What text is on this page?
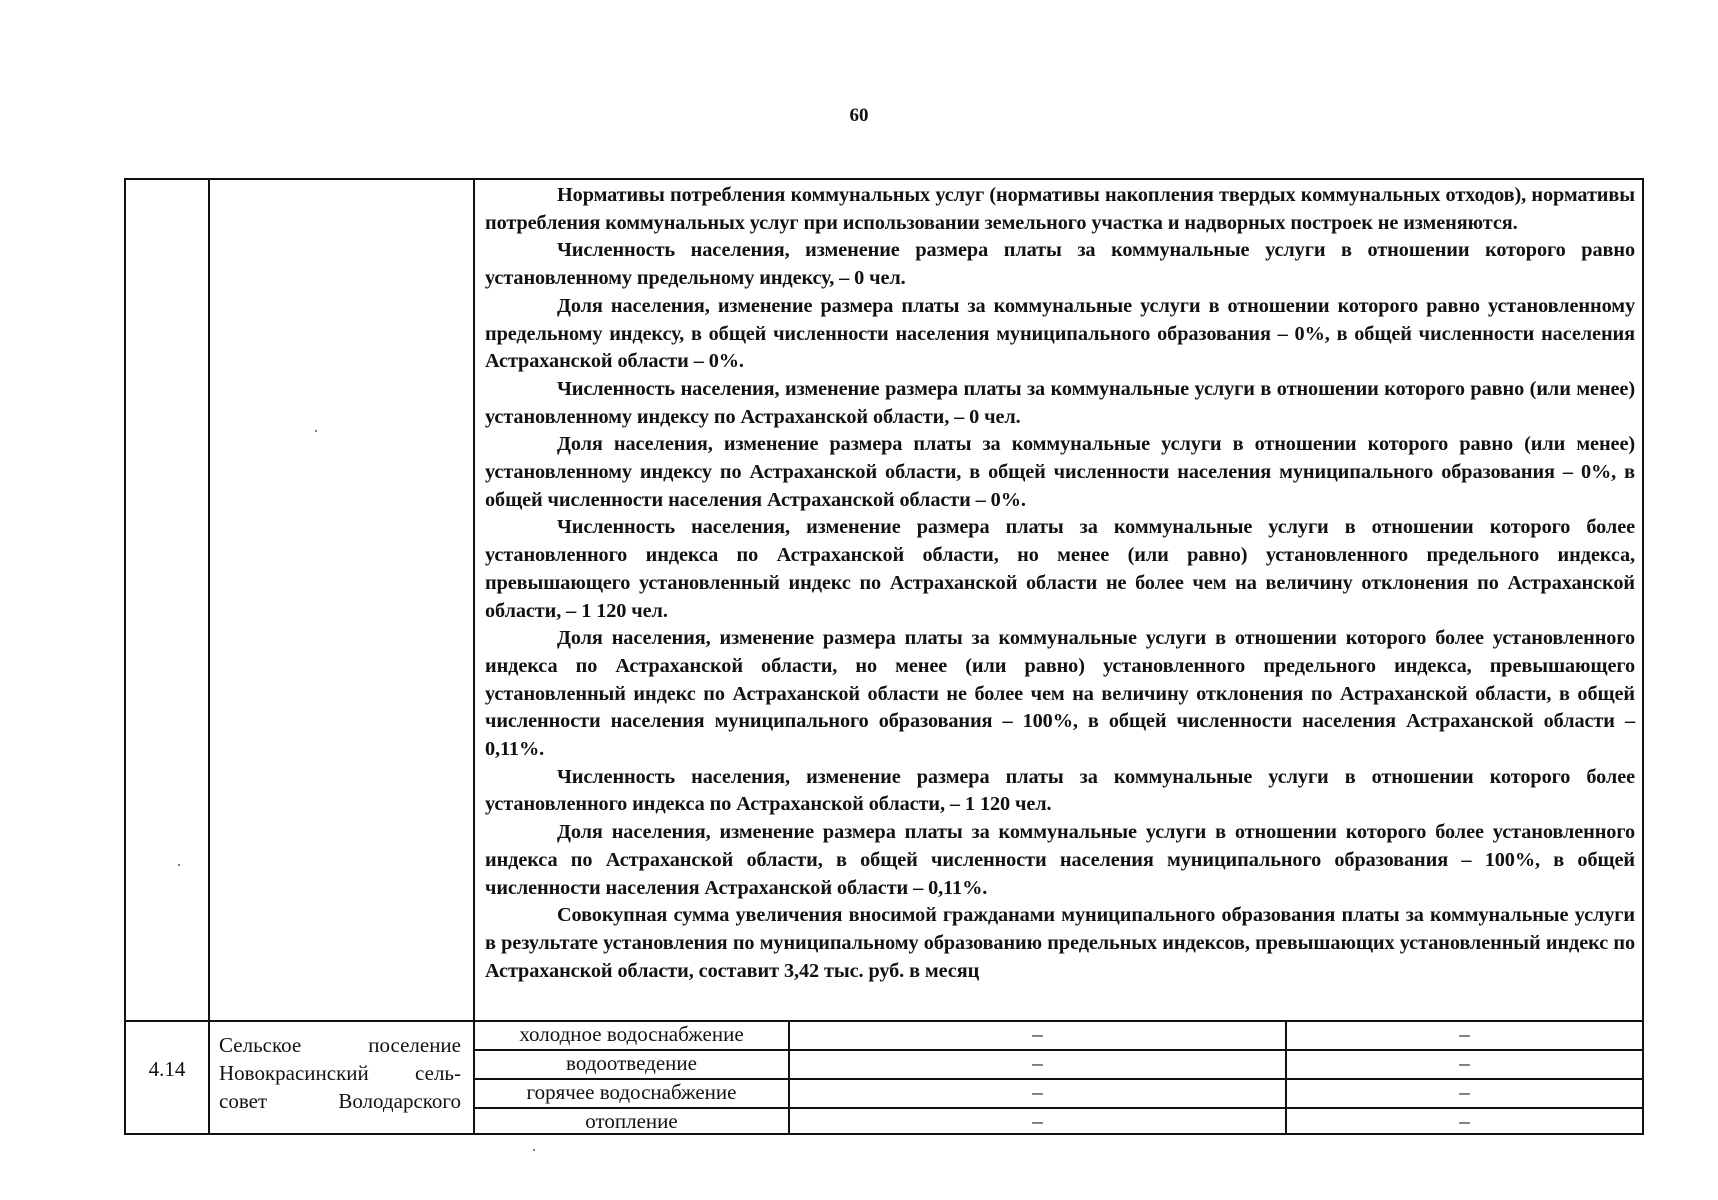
60

Нормативы потребления коммунальных услуг (нормативы накопления твердых коммунальных отходов), нормативы потребления коммунальных услуг при использовании земельного участка и надворных построек не изменяются.

Численность населения, изменение размера платы за коммунальные услуги в отношении которого равно установленному предельному индексу, – 0 чел.

Доля населения, изменение размера платы за коммунальные услуги в отношении которого равно установленному предельному индексу, в общей численности населения муниципального образования – 0%, в общей численности населения Астраханской области – 0%.

Численность населения, изменение размера платы за коммунальные услуги в отношении которого равно (или менее) установленному индексу по Астраханской области, – 0 чел.

Доля населения, изменение размера платы за коммунальные услуги в отношении которого равно (или менее) установленному индексу по Астраханской области, в общей численности населения муниципального образования – 0%, в общей численности населения Астраханской области – 0%.

Численность населения, изменение размера платы за коммунальные услуги в отношении которого более установленного индекса по Астраханской области, но менее (или равно) установленного предельного индекса, превышающего установленный индекс по Астраханской области не более чем на величину отклонения по Астраханской области, – 1 120 чел.

Доля населения, изменение размера платы за коммунальные услуги в отношении которого более установленного индекса по Астраханской области, но менее (или равно) установленного предельного индекса, превышающего установленный индекс по Астраханской области не более чем на величину отклонения по Астраханской области, в общей численности населения муниципального образования – 100%, в общей численности населения Астраханской области – 0,11%.

Численность населения, изменение размера платы за коммунальные услуги в отношении которого более установленного индекса по Астраханской области, – 1 120 чел.

Доля населения, изменение размера платы за коммунальные услуги в отношении которого более установленного индекса по Астраханской области, в общей численности населения муниципального образования – 100%, в общей численности населения Астраханской области – 0,11%.

Совокупная сумма увеличения вносимой гражданами муниципального образования платы за коммунальные услуги в результате установления по муниципальному образованию предельных индексов, превышающих установленный индекс по Астраханской области, составит 3,42 тыс. руб. в месяц

4.14
Сельское поселение
Новокрасинский сель-
совет Володарского
холодное водоснабжение	–	–
водоотведение	–	–
горячее водоснабжение	–	–
отопление	–	–
